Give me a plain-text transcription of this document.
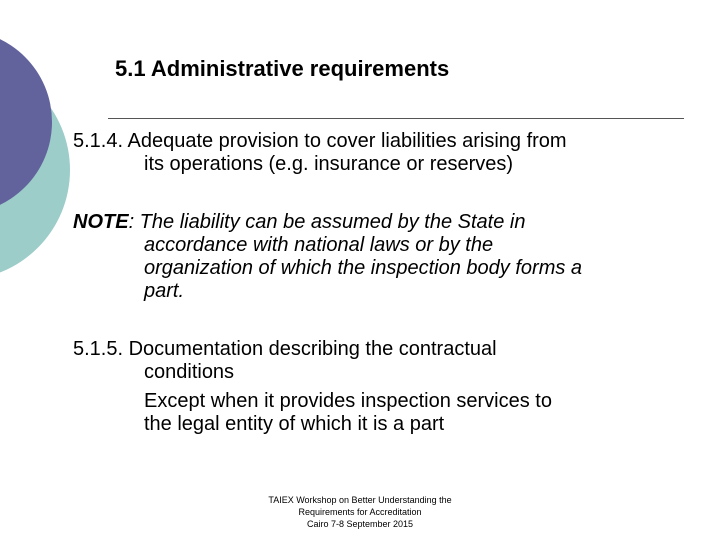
5.1 Administrative requirements

5.1.4. Adequate provision to cover liabilities arising from
its operations (e.g. insurance or reserves)

NOTE: The liability can be assumed by the State in
accordance with national laws or by the
organization of which the inspection body forms a
part.

5.1.5. Documentation describing the contractual
conditions
Except when it provides inspection services to
the legal entity of which it is a part

TAIEX Workshop on Better Understanding the
Requirements for Accreditation
Cairo 7-8 September 2015
